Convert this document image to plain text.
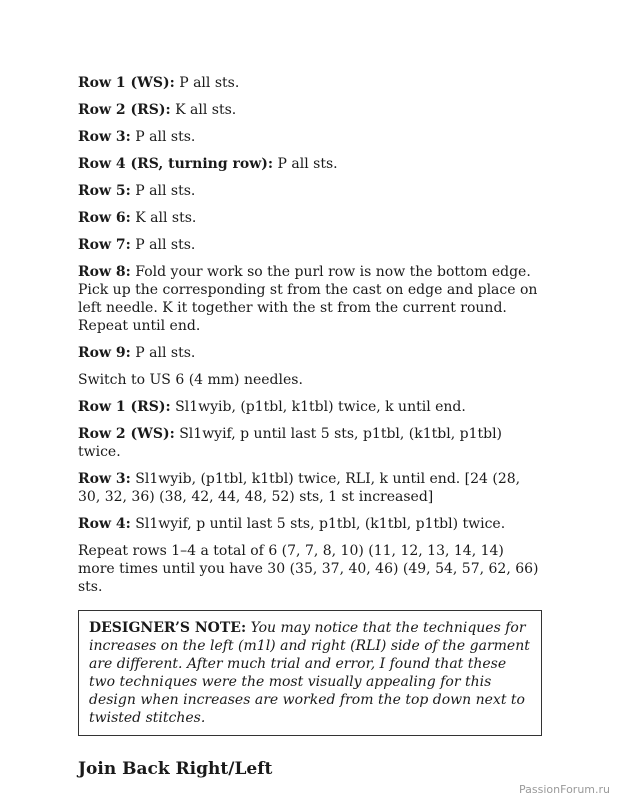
Row 1 (WS): P all sts.

Row 2 (RS): K all sts.

Row 3: P all sts.

Row 4 (RS, turning row): P all sts.

Row 5: P all sts.

Row 6: K all sts.

Row 7: P all sts.

Row 8: Fold your work so the purl row is now the bottom edge. Pick up the corresponding st from the cast on edge and place on left needle. K it together with the st from the current round. Repeat until end.

Row 9: P all sts.

Switch to US 6 (4 mm) needles.

Row 1 (RS): Sl1wyib, (p1tbl, k1tbl) twice, k until end.

Row 2 (WS): Sl1wyif, p until last 5 sts, p1tbl, (k1tbl, p1tbl) twice.

Row 3: Sl1wyib, (p1tbl, k1tbl) twice, RLI, k until end. [24 (28, 30, 32, 36) (38, 42, 44, 48, 52) sts, 1 st increased]

Row 4: Sl1wyif, p until last 5 sts, p1tbl, (k1tbl, p1tbl) twice.

Repeat rows 1–4 a total of 6 (7, 7, 8, 10) (11, 12, 13, 14, 14) more times until you have 30 (35, 37, 40, 46) (49, 54, 57, 62, 66) sts.

DESIGNER’S NOTE: You may notice that the techniques for increases on the left (m1l) and right (RLI) side of the garment are different. After much trial and error, I found that these two techniques were the most visually appealing for this design when increases are worked from the top down next to twisted stitches.
Join Back Right/Left
PassionForum.ru
